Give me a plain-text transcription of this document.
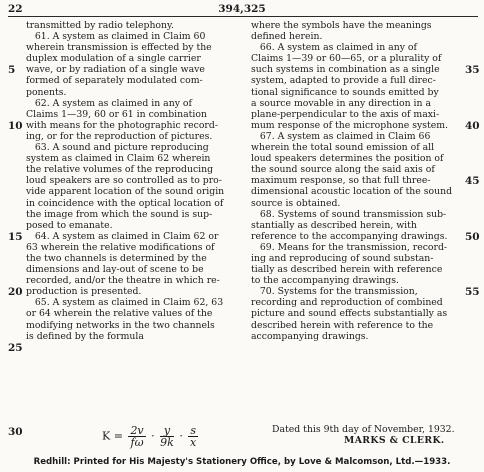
22	394,325
transmitted by radio telephony.
61. A system as claimed in Claim 60
wherein transmission is effected by the
duplex modulation of a single carrier
wave, or by radiation of a single wave
formed of separately modulated com-
ponents.
62. A system as claimed in any of
Claims 1—39, 60 or 61 in combination
with means for the photographic record-
ing, or for the reproduction of pictures.
63. A sound and picture reproducing
system as claimed in Claim 62 wherein
the relative volumes of the reproducing
loud speakers are so controlled as to pro-
vide apparent location of the sound origin
in coincidence with the optical location of
the image from which the sound is sup-
posed to emanate.
64. A system as claimed in Claim 62 or
63 wherein the relative modifications of
the two channels is determined by the
dimensions and lay-out of scene to be
recorded, and/or the theatre in which re-
production is presented.
65. A system as claimed in Claim 62, 63
or 64 wherein the relative values of the
modifying networks in the two channels
is defined by the formula
where the symbols have the meanings
defined herein.
66. A system as claimed in any of
Claims 1—39 or 60—65, or a plurality of
such systems in combination as a single
system, adapted to provide a full direc-
tional significance to sounds emitted by
a source movable in any direction in a
plane-perpendicular to the axis of maxi-
mum response of the microphone system.
67. A system as claimed in Claim 66
wherein the total sound emission of all
loud speakers determines the position of
the sound source along the said axis of
maximum response, so that full three-
dimensional acoustic location of the sound
source is obtained.
68. Systems of sound transmission sub-
stantially as described herein, with
reference to the accompanying drawings.
69. Means for the transmission, record-
ing and reproducing of sound substan-
tially as described herein with reference
to the accompanying drawings.
70. Systems for the transmission,
recording and reproduction of combined
picture and sound effects substantially as
described herein with reference to the
accompanying drawings.
5
10
15
20
25
30
35
40
45
50
55
$K = \frac{2v}{f\omega} \cdot \frac{y}{9k} \cdot \frac{s}{x}$	Dated this 9th day of November, 1932.
MARKS & CLERK.
Redhill: Printed for His Majesty's Stationery Office, by Love & Malcomson, Ltd.—1933.
